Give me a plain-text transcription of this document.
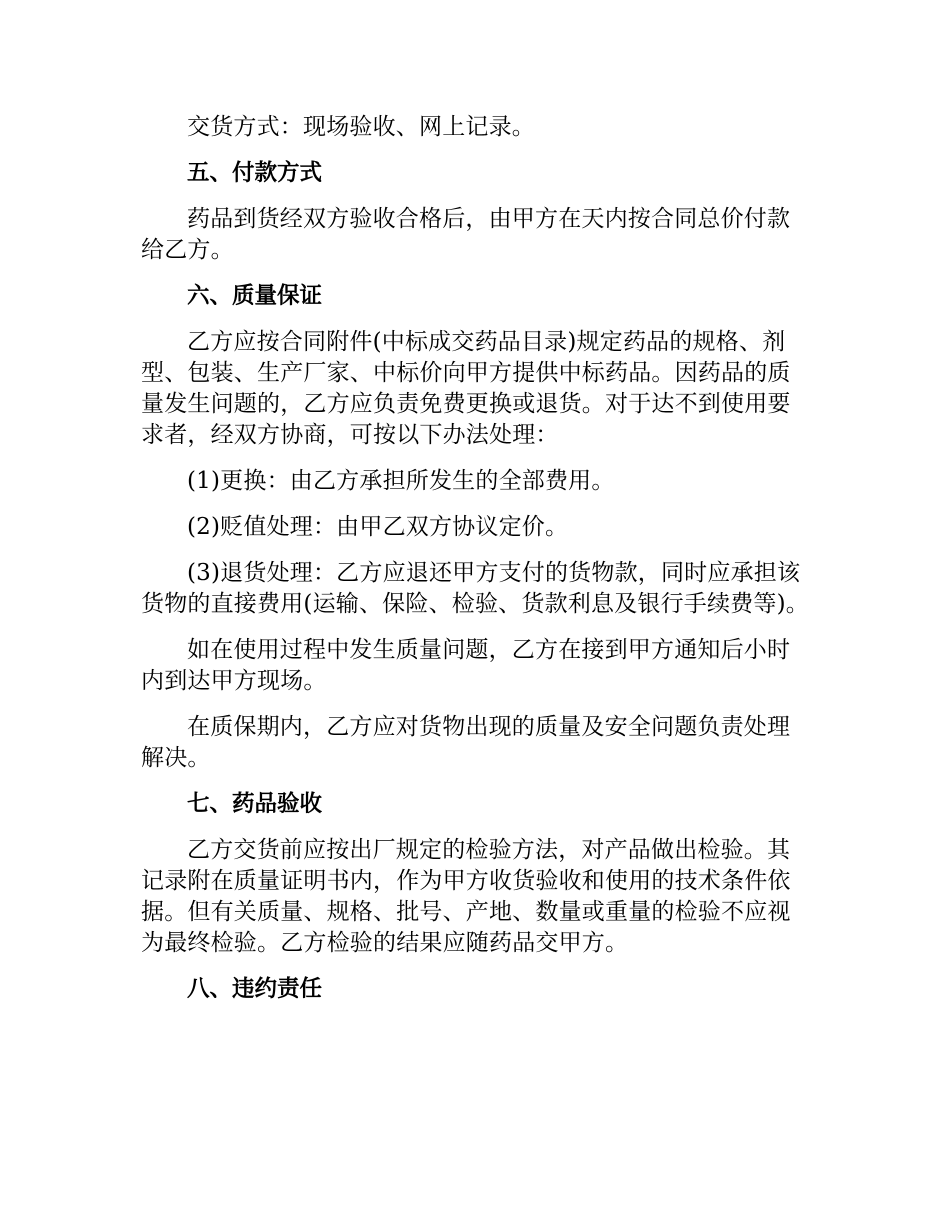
交货方式：现场验收、网上记录。

五、付款方式

药品到货经双方验收合格后，由甲方在天内按合同总价付款给乙方。

六、质量保证

乙方应按合同附件(中标成交药品目录)规定药品的规格、剂型、包装、生产厂家、中标价向甲方提供中标药品。因药品的质量发生问题的，乙方应负责免费更换或退货。对于达不到使用要求者，经双方协商，可按以下办法处理：

(1)更换：由乙方承担所发生的全部费用。

(2)贬值处理：由甲乙双方协议定价。

(3)退货处理：乙方应退还甲方支付的货物款，同时应承担该货物的直接费用(运输、保险、检验、货款利息及银行手续费等)。

如在使用过程中发生质量问题，乙方在接到甲方通知后小时内到达甲方现场。

在质保期内，乙方应对货物出现的质量及安全问题负责处理解决。

七、药品验收

乙方交货前应按出厂规定的检验方法，对产品做出检验。其记录附在质量证明书内，作为甲方收货验收和使用的技术条件依据。但有关质量、规格、批号、产地、数量或重量的检验不应视为最终检验。乙方检验的结果应随药品交甲方。

八、违约责任
